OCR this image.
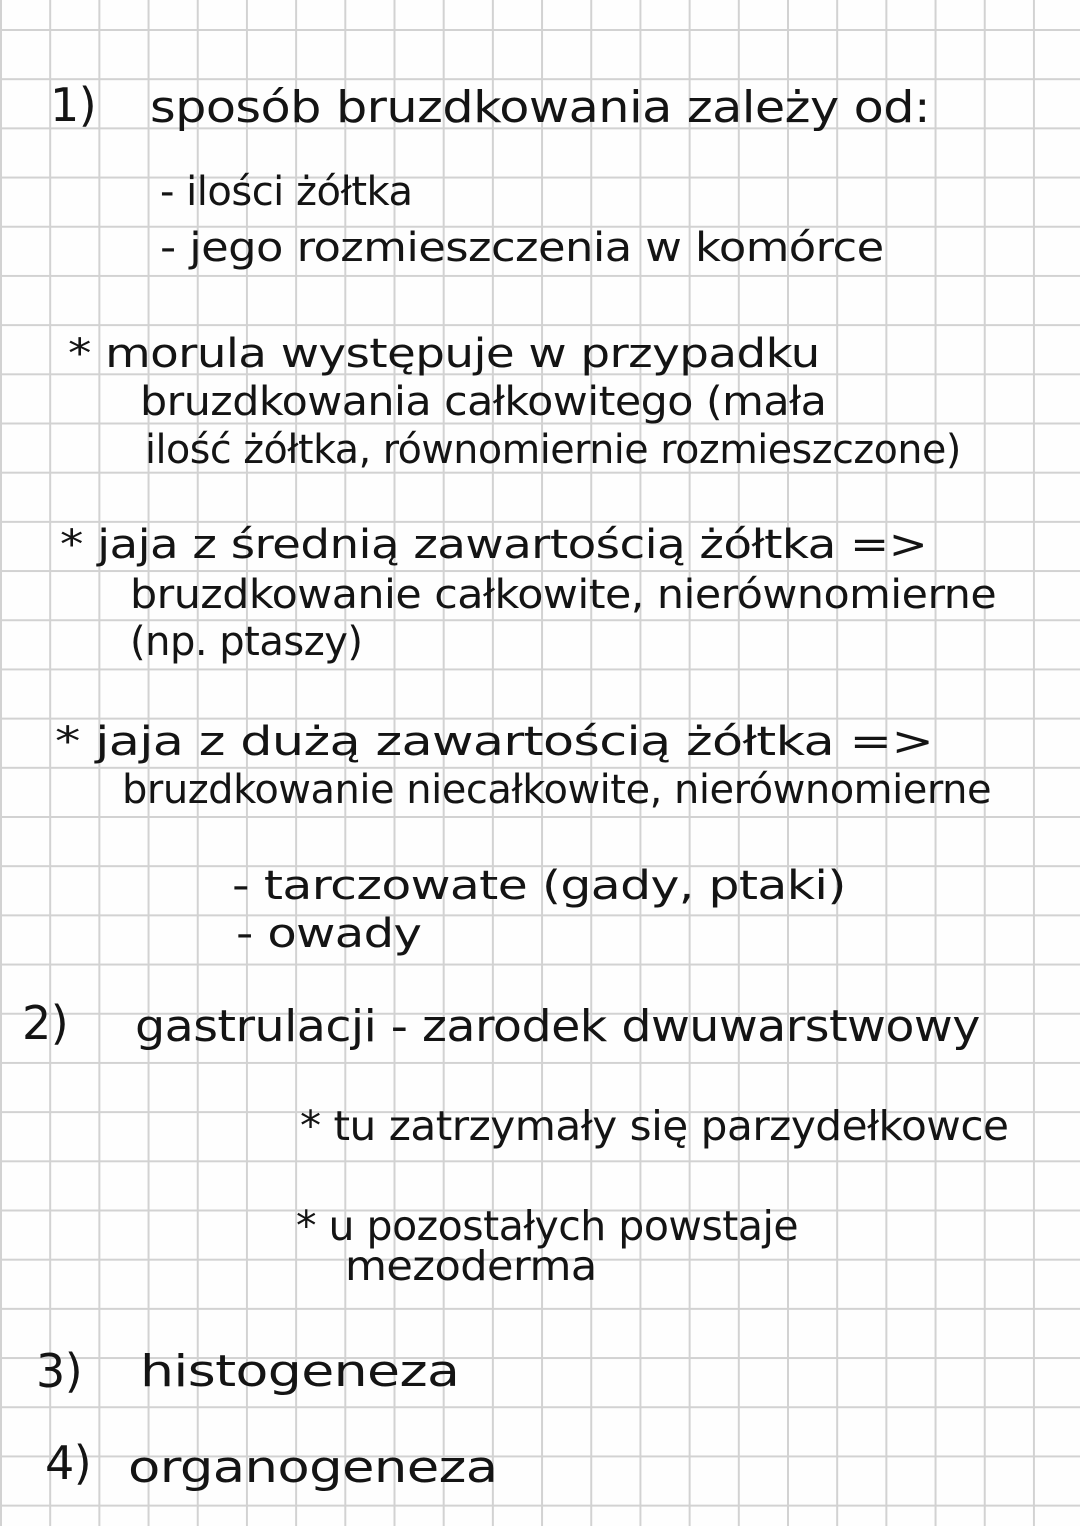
1) sposób bruzdkowania zależy od:
- ilości żółtka
- jego rozmieszczenia w komórce
* morula występuje w przypadku
bruzdkowania całkowitego (mała
ilość żółtka, równomiernie rozmieszczone)
* jaja z średnią zawartością żółtka =>
bruzdkowanie całkowite, nierównomierne
(np. ptaszy)
* jaja z dużą zawartością żółtka =>
bruzdkowanie niecałkowite, nierównomierne
- tarczowate (gady, ptaki)
- owady
2) gastrulacji - zarodek dwuwarstwowy
* tu zatrzymały się parzydełkowce
* u pozostałych powstaje
mezoderma
3) histogeneza
4) organogeneza
